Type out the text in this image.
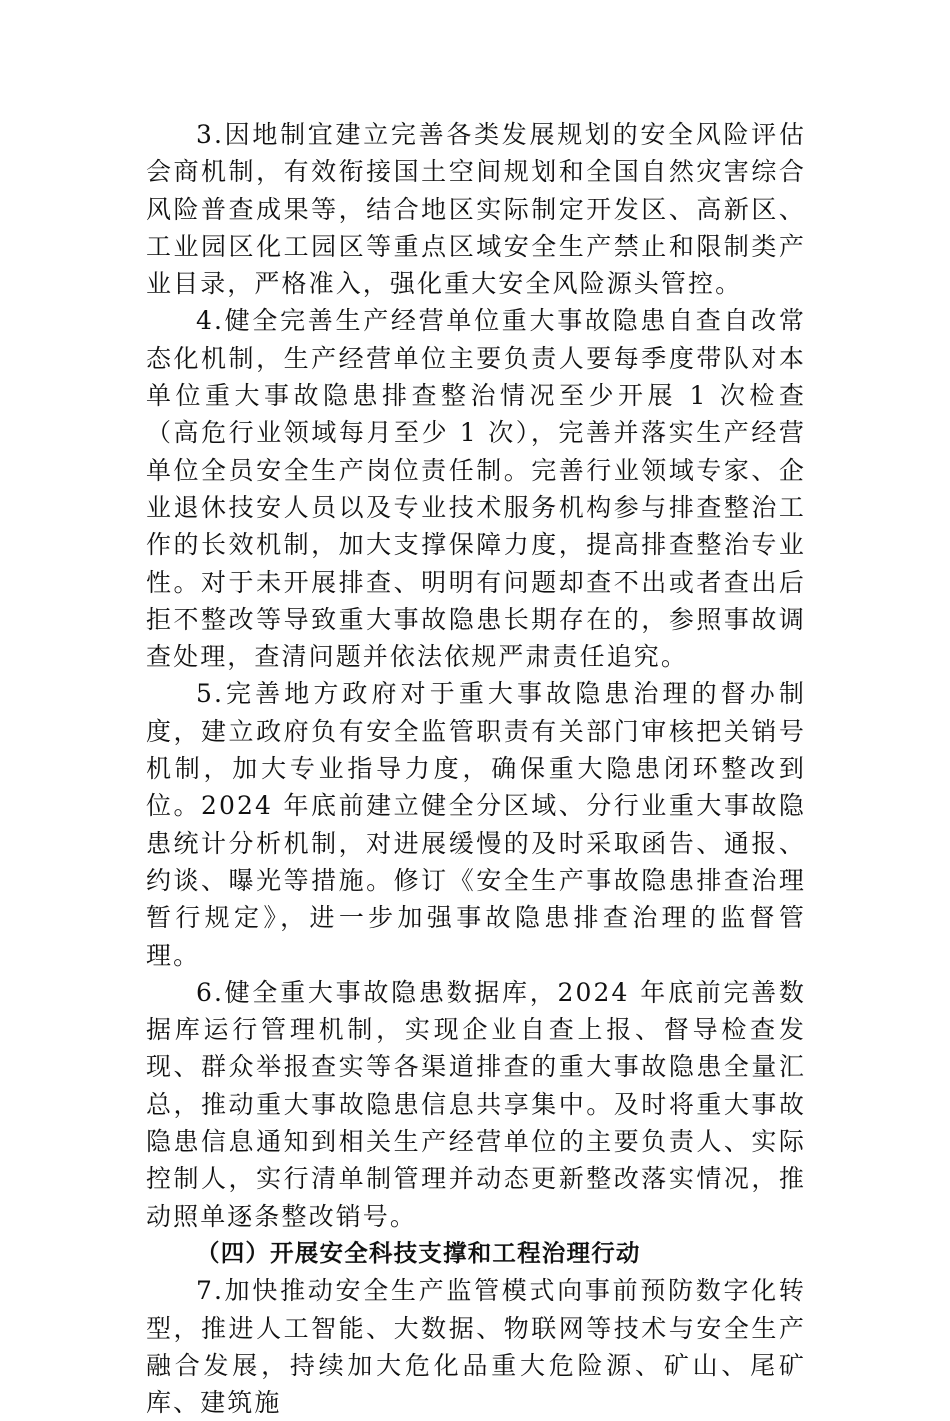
3.因地制宜建立完善各类发展规划的安全风险评估会商机制，有效衔接国土空间规划和全国自然灾害综合风险普查成果等，结合地区实际制定开发区、高新区、工业园区化工园区等重点区域安全生产禁止和限制类产业目录，严格准入，强化重大安全风险源头管控。

4.健全完善生产经营单位重大事故隐患自查自改常态化机制，生产经营单位主要负责人要每季度带队对本单位重大事故隐患排查整治情况至少开展 1 次检查（高危行业领域每月至少 1 次），完善并落实生产经营单位全员安全生产岗位责任制。完善行业领域专家、企业退休技安人员以及专业技术服务机构参与排查整治工作的长效机制，加大支撑保障力度，提高排查整治专业性。对于未开展排查、明明有问题却查不出或者查出后拒不整改等导致重大事故隐患长期存在的，参照事故调查处理，查清问题并依法依规严肃责任追究。

5.完善地方政府对于重大事故隐患治理的督办制度，建立政府负有安全监管职责有关部门审核把关销号机制，加大专业指导力度，确保重大隐患闭环整改到位。2024 年底前建立健全分区域、分行业重大事故隐患统计分析机制，对进展缓慢的及时采取函告、通报、约谈、曝光等措施。修订《安全生产事故隐患排查治理暂行规定》，进一步加强事故隐患排查治理的监督管理。

6.健全重大事故隐患数据库，2024 年底前完善数据库运行管理机制，实现企业自查上报、督导检查发现、群众举报查实等各渠道排查的重大事故隐患全量汇总，推动重大事故隐患信息共享集中。及时将重大事故隐患信息通知到相关生产经营单位的主要负责人、实际控制人，实行清单制管理并动态更新整改落实情况，推动照单逐条整改销号。

（四）开展安全科技支撑和工程治理行动

7.加快推动安全生产监管模式向事前预防数字化转型，推进人工智能、大数据、物联网等技术与安全生产融合发展，持续加大危化品重大危险源、矿山、尾矿库、建筑施
